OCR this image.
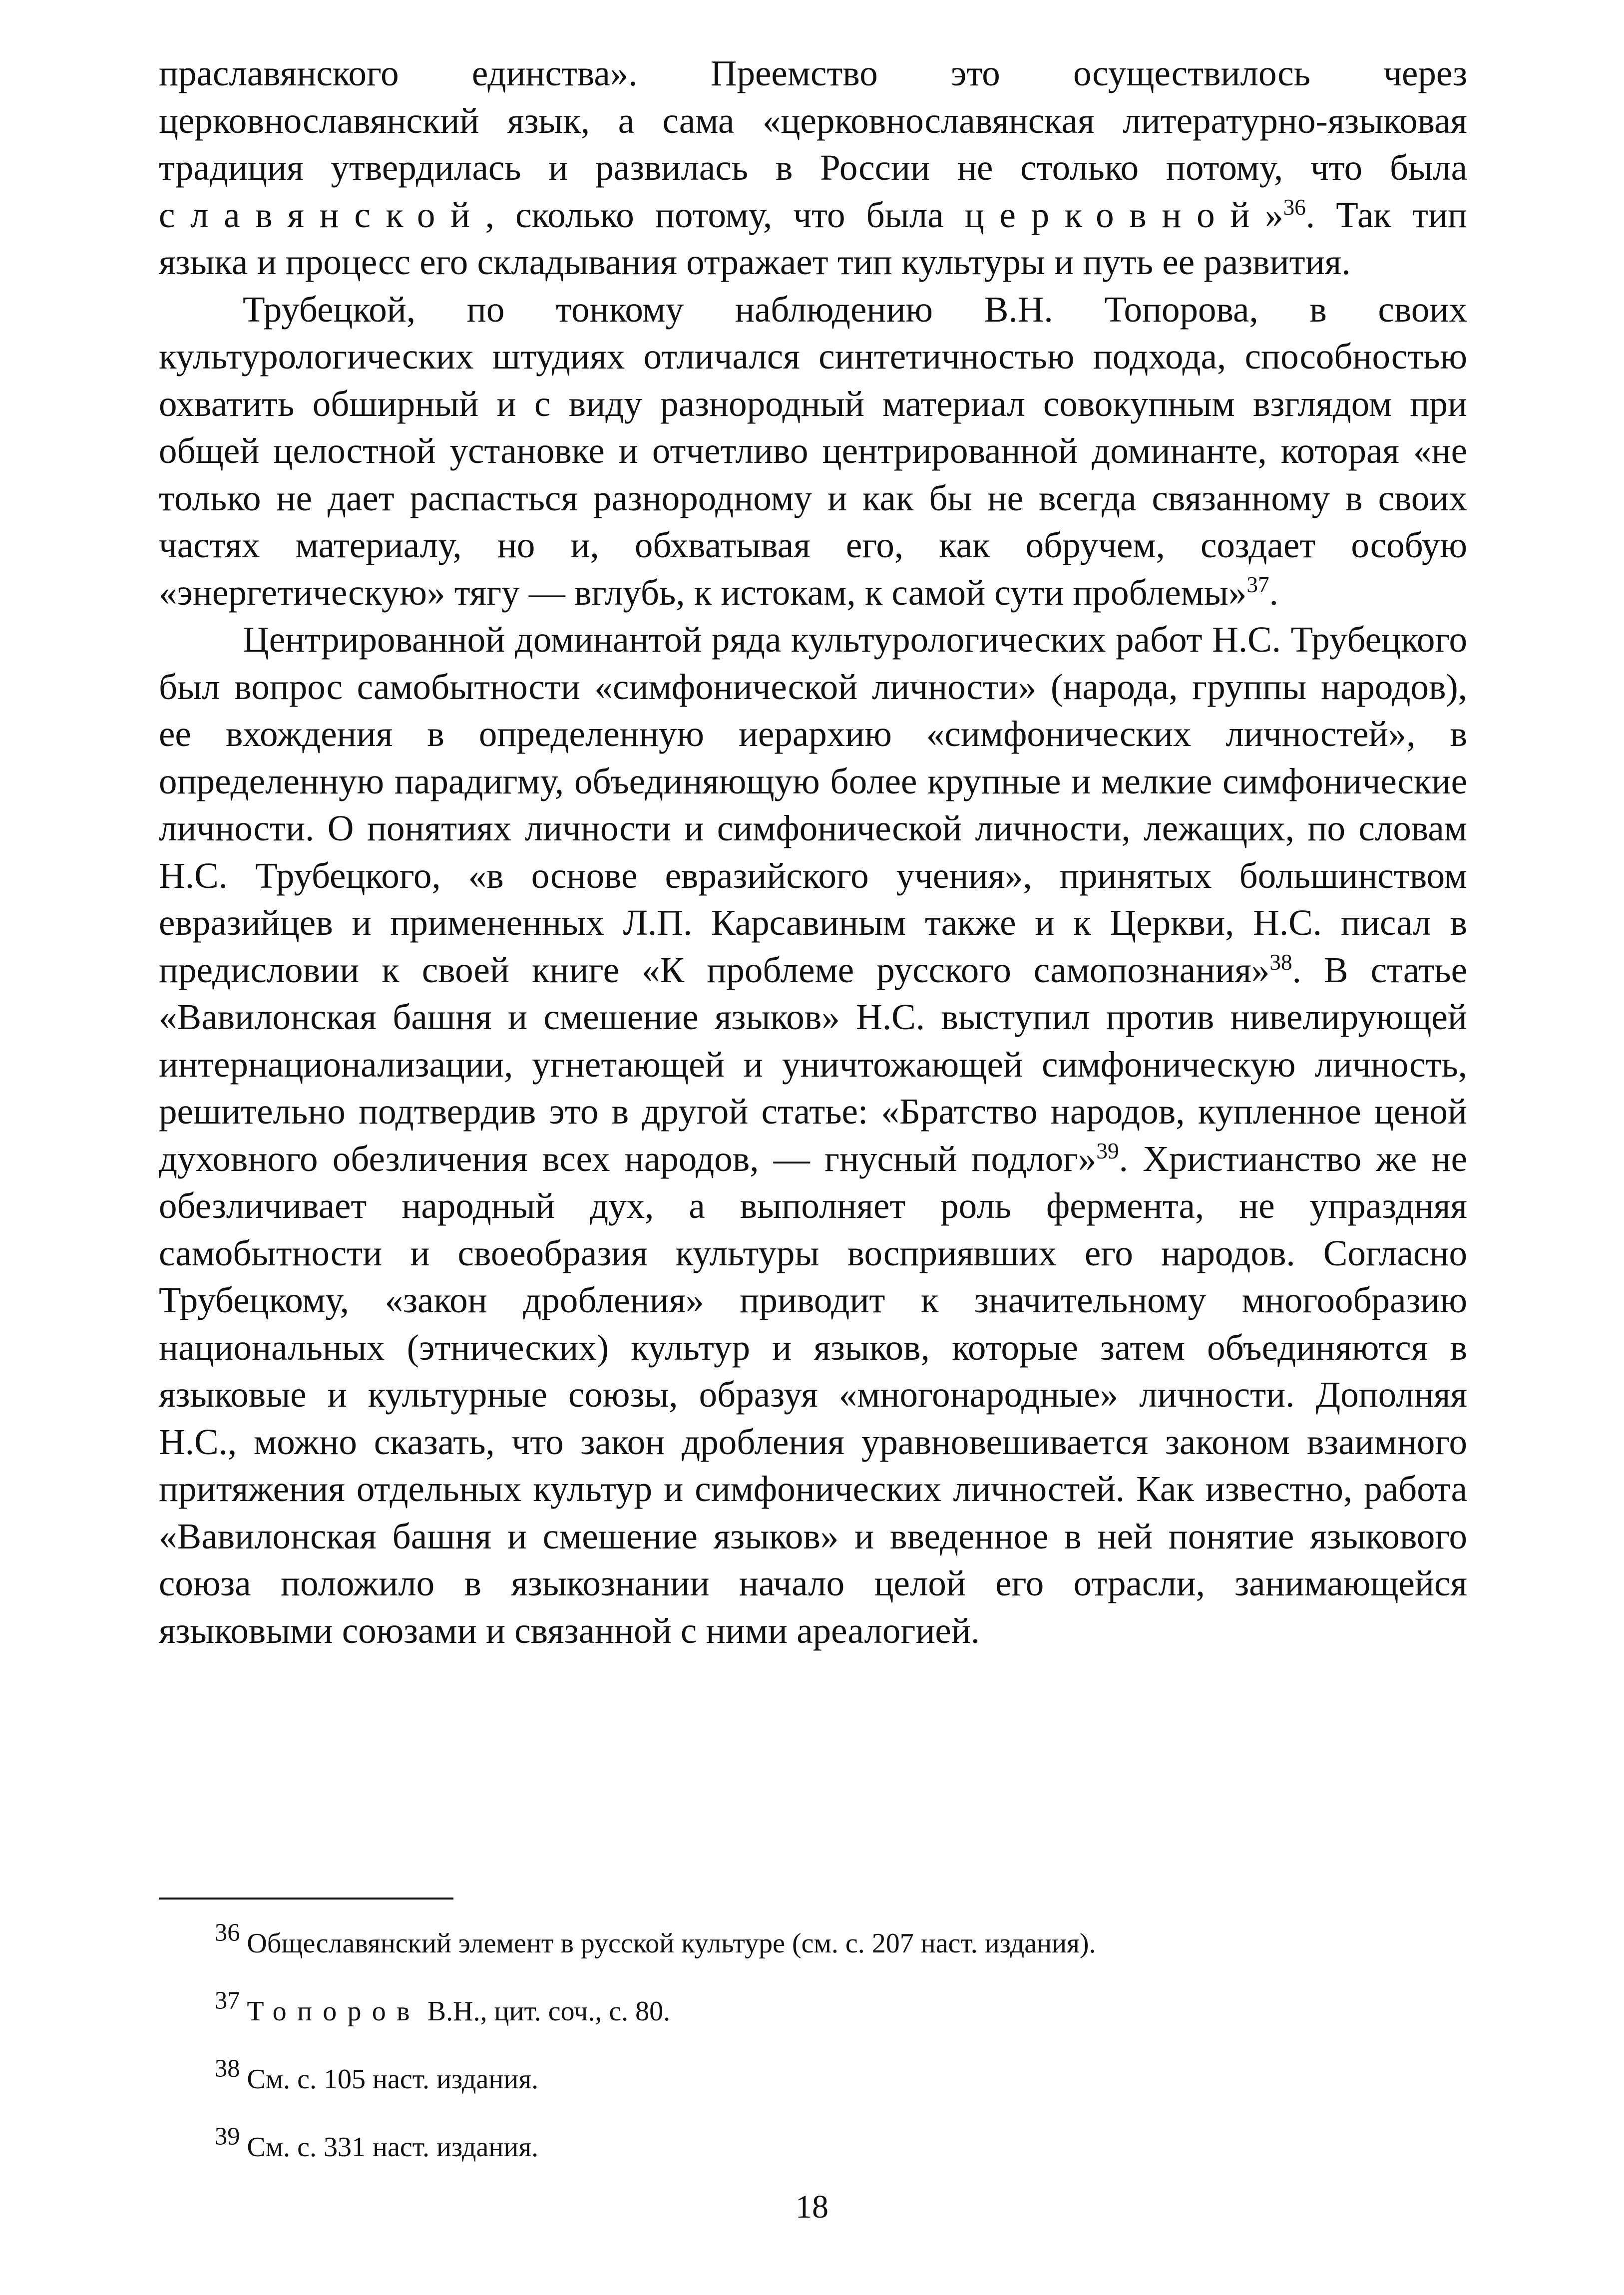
праславянского единства». Преемство это осуществилось через церковнославянский язык, а сама «церковнославянская литературно-языковая традиция утвердилась и развилась в России не столько потому, что была славянской, сколько потому, что была церковной»$^{36}$. Так тип языка и процесс его складывания отражает тип культуры и путь ее развития.

Трубецкой, по тонкому наблюдению В.Н. Топорова, в своих культурологических штудиях отличался синтетичностью подхода, способностью охватить обширный и с виду разнородный материал совокупным взглядом при общей целостной установке и отчетливо центрированной доминанте, которая «не только не дает распасться разнородному и как бы не всегда связанному в своих частях материалу, но и, обхватывая его, как обручем, создает особую «энергетическую» тягу — вглубь, к истокам, к самой сути проблемы»$^{37}$.

Центрированной доминантой ряда культурологических работ Н.С. Трубецкого был вопрос самобытности «симфонической личности» (народа, группы народов), ее вхождения в определенную иерархию «симфонических личностей», в определенную парадигму, объединяющую более крупные и мелкие симфонические личности. О понятиях личности и симфонической личности, лежащих, по словам Н.С. Трубецкого, «в основе евразийского учения», принятых большинством евразийцев и примененных Л.П. Карсавиным также и к Церкви, Н.С. писал в предисловии к своей книге «К проблеме русского самопознания»$^{38}$. В статье «Вавилонская башня и смешение языков» Н.С. выступил против нивелирующей интернационализации, угнетающей и уничтожающей симфоническую личность, решительно подтвердив это в другой статье: «Братство народов, купленное ценой духовного обезличения всех народов, — гнусный подлог»$^{39}$. Христианство же не обезличивает народный дух, а выполняет роль фермента, не упраздняя самобытности и своеобразия культуры восприявших его народов. Согласно Трубецкому, «закон дробления» приводит к значительному многообразию национальных (этнических) культур и языков, которые затем объединяются в языковые и культурные союзы, образуя «многонародные» личности. Дополняя Н.С., можно сказать, что закон дробления уравновешивается законом взаимного притяжения отдельных культур и симфонических личностей. Как известно, работа «Вавилонская башня и смешение языков» и введенное в ней понятие языкового союза положило в языкознании начало целой его отрасли, занимающейся языковыми союзами и связанной с ними ареалогией.

$^{36}$ Общеславянский элемент в русской культуре (см. с. 207 наст. издания).

$^{37}$ Топоров В.Н., цит. соч., с. 80.

$^{38}$ См. с. 105 наст. издания.

$^{39}$ См. с. 331 наст. издания.

18
